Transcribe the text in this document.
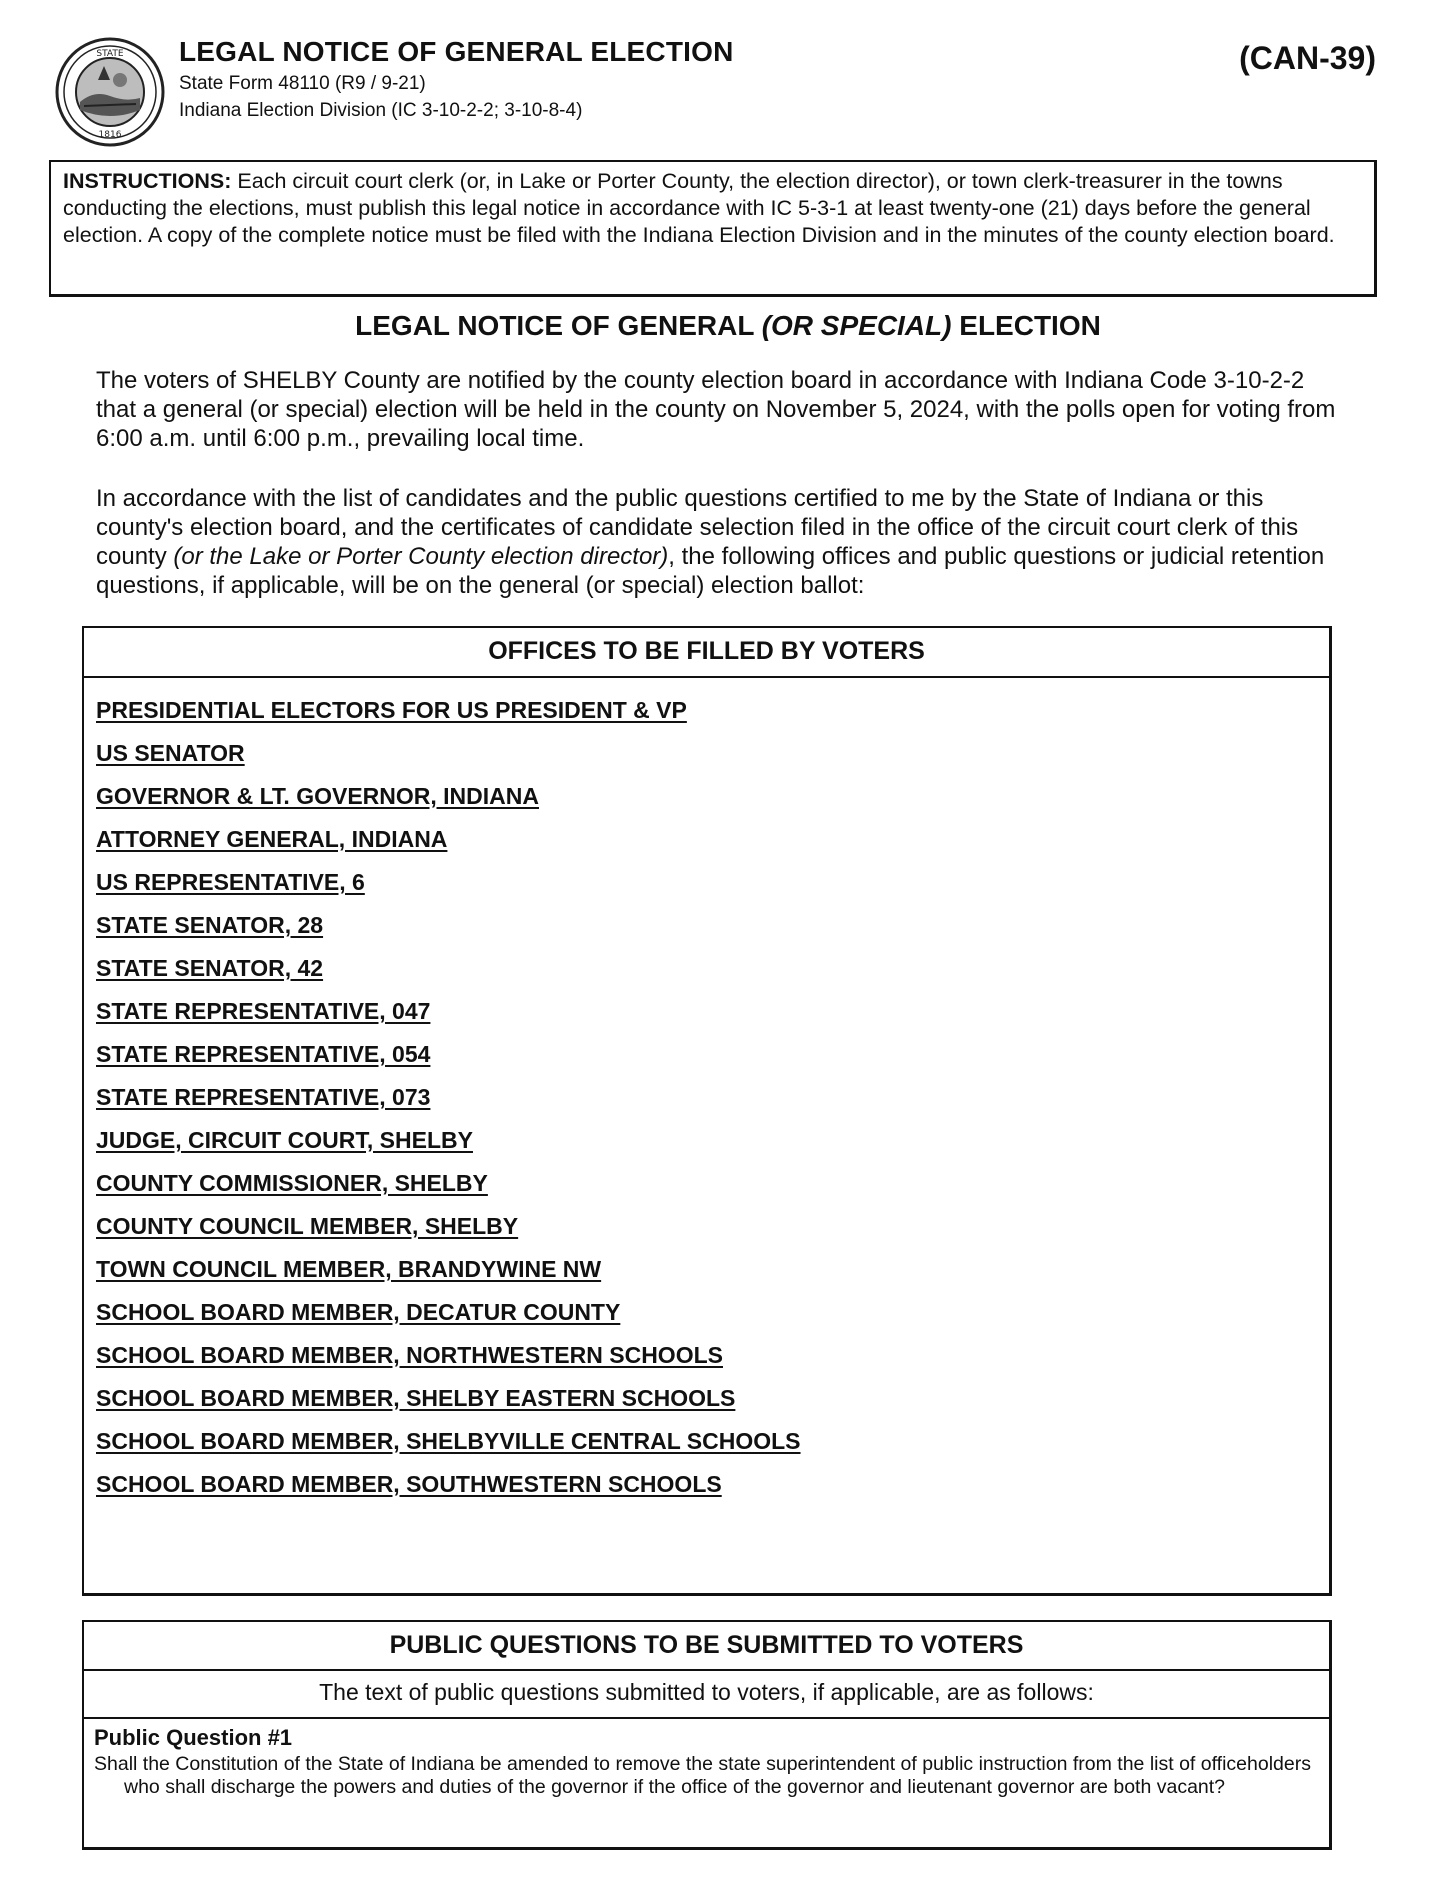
STATE
1816
LEGAL NOTICE OF GENERAL ELECTION
State Form 48110 (R9 / 9-21)
Indiana Election Division (IC 3-10-2-2; 3-10-8-4)
(CAN-39)
INSTRUCTIONS: Each circuit court clerk (or, in Lake or Porter County, the election director), or town clerk-treasurer in the towns conducting the elections, must publish this legal notice in accordance with IC 5-3-1 at least twenty-one (21) days before the general election. A copy of the complete notice must be filed with the Indiana Election Division and in the minutes of the county election board.
LEGAL NOTICE OF GENERAL (OR SPECIAL) ELECTION
The voters of SHELBY County are notified by the county election board in accordance with Indiana Code 3-10-2-2 that a general (or special) election will be held in the county on November 5, 2024, with the polls open for voting from 6:00 a.m. until 6:00 p.m., prevailing local time.
In accordance with the list of candidates and the public questions certified to me by the State of Indiana or this county's election board, and the certificates of candidate selection filed in the office of the circuit court clerk of this county (or the Lake or Porter County election director), the following offices and public questions or judicial retention questions, if applicable, will be on the general (or special) election ballot:
OFFICES TO BE FILLED BY VOTERS
PRESIDENTIAL ELECTORS FOR US PRESIDENT & VP
US SENATOR
GOVERNOR & LT. GOVERNOR, INDIANA
ATTORNEY GENERAL, INDIANA
US REPRESENTATIVE, 6
STATE SENATOR, 28
STATE SENATOR, 42
STATE REPRESENTATIVE, 047
STATE REPRESENTATIVE, 054
STATE REPRESENTATIVE, 073
JUDGE, CIRCUIT COURT, SHELBY
COUNTY COMMISSIONER, SHELBY
COUNTY COUNCIL MEMBER, SHELBY
TOWN COUNCIL MEMBER, BRANDYWINE NW
SCHOOL BOARD MEMBER, DECATUR COUNTY
SCHOOL BOARD MEMBER, NORTHWESTERN SCHOOLS
SCHOOL BOARD MEMBER, SHELBY EASTERN SCHOOLS
SCHOOL BOARD MEMBER, SHELBYVILLE CENTRAL SCHOOLS
SCHOOL BOARD MEMBER, SOUTHWESTERN SCHOOLS
PUBLIC QUESTIONS TO BE SUBMITTED TO VOTERS
The text of public questions submitted to voters, if applicable, are as follows:
Public Question #1
Shall the Constitution of the State of Indiana be amended to remove the state superintendent of public instruction from the list of officeholders who shall discharge the powers and duties of the governor if the office of the governor and lieutenant governor are both vacant?
